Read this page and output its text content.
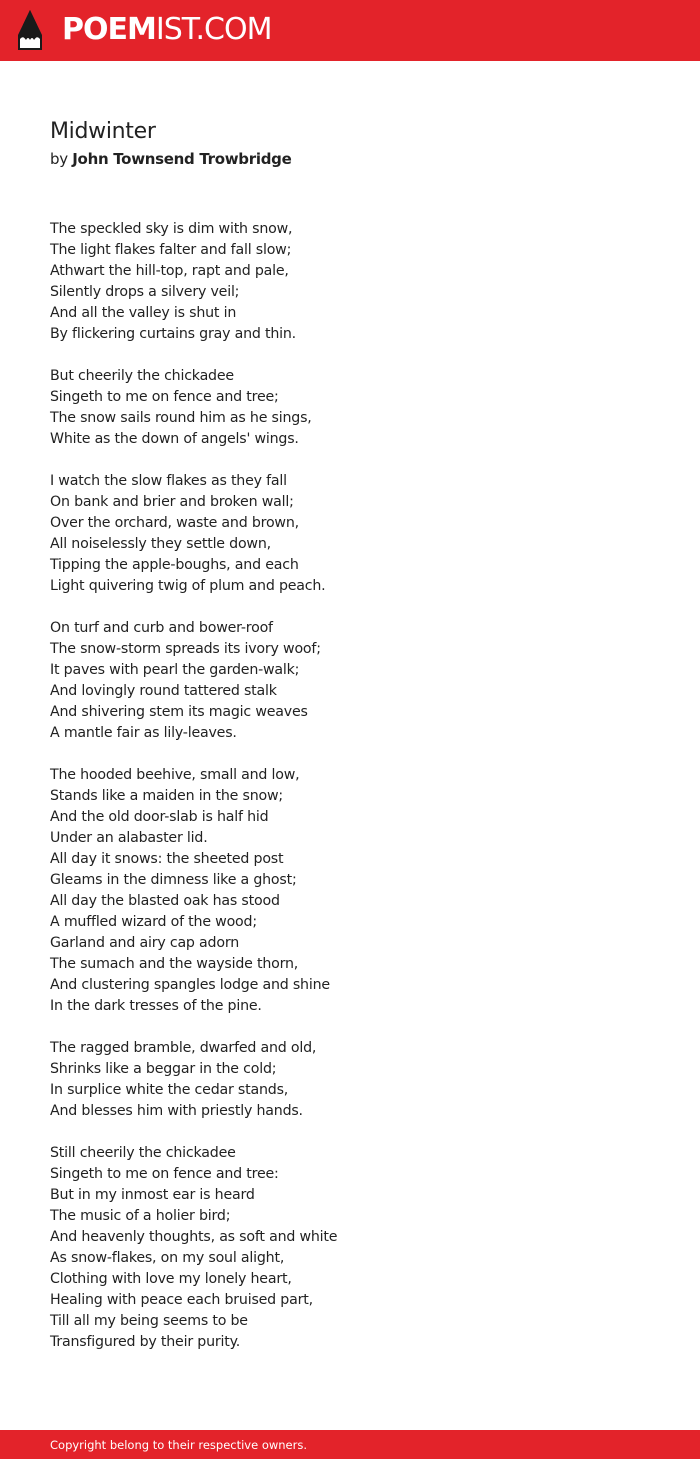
POEMIST.COM
Midwinter

by John Townsend Trowbridge

The speckled sky is dim with snow,
The light flakes falter and fall slow;
Athwart the hill-top, rapt and pale,
Silently drops a silvery veil;
And all the valley is shut in
By flickering curtains gray and thin.
But cheerily the chickadee
Singeth to me on fence and tree;
The snow sails round him as he sings,
White as the down of angels' wings.
I watch the slow flakes as they fall
On bank and brier and broken wall;
Over the orchard, waste and brown,
All noiselessly they settle down,
Tipping the apple-boughs, and each
Light quivering twig of plum and peach.
On turf and curb and bower-roof
The snow-storm spreads its ivory woof;
It paves with pearl the garden-walk;
And lovingly round tattered stalk
And shivering stem its magic weaves
A mantle fair as lily-leaves.
The hooded beehive, small and low,
Stands like a maiden in the snow;
And the old door-slab is half hid
Under an alabaster lid.
All day it snows: the sheeted post
Gleams in the dimness like a ghost;
All day the blasted oak has stood
A muffled wizard of the wood;
Garland and airy cap adorn
The sumach and the wayside thorn,
And clustering spangles lodge and shine
In the dark tresses of the pine.
The ragged bramble, dwarfed and old,
Shrinks like a beggar in the cold;
In surplice white the cedar stands,
And blesses him with priestly hands.
Still cheerily the chickadee
Singeth to me on fence and tree:
But in my inmost ear is heard
The music of a holier bird;
And heavenly thoughts, as soft and white
As snow-flakes, on my soul alight,
Clothing with love my lonely heart,
Healing with peace each bruised part,
Till all my being seems to be
Transfigured by their purity.
Copyright belong to their respective owners.
